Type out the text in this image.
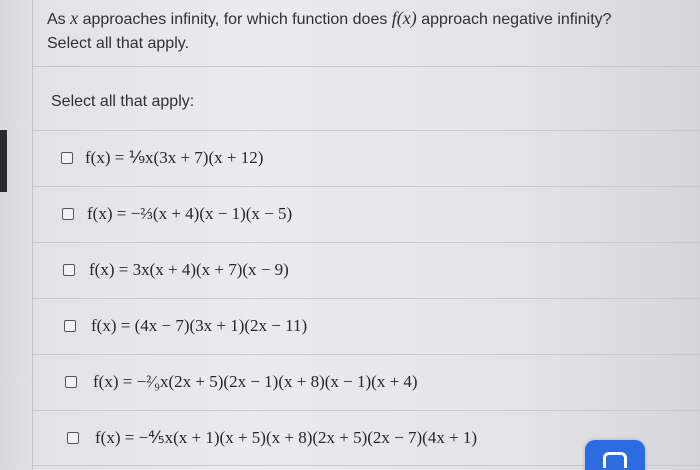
As x approaches infinity, for which function does f(x) approach negative infinity?
Select all that apply.
Select all that apply:
f(x) = ⅑x(3x + 7)(x + 12)
f(x) = −⅔(x + 4)(x − 1)(x − 5)
f(x) = 3x(x + 4)(x + 7)(x − 9)
f(x) = (4x − 7)(3x + 1)(2x − 11)
f(x) = −²⁄₉x(2x + 5)(2x − 1)(x + 8)(x − 1)(x + 4)
f(x) = −⅘x(x + 1)(x + 5)(x + 8)(2x + 5)(2x − 7)(4x + 1)
